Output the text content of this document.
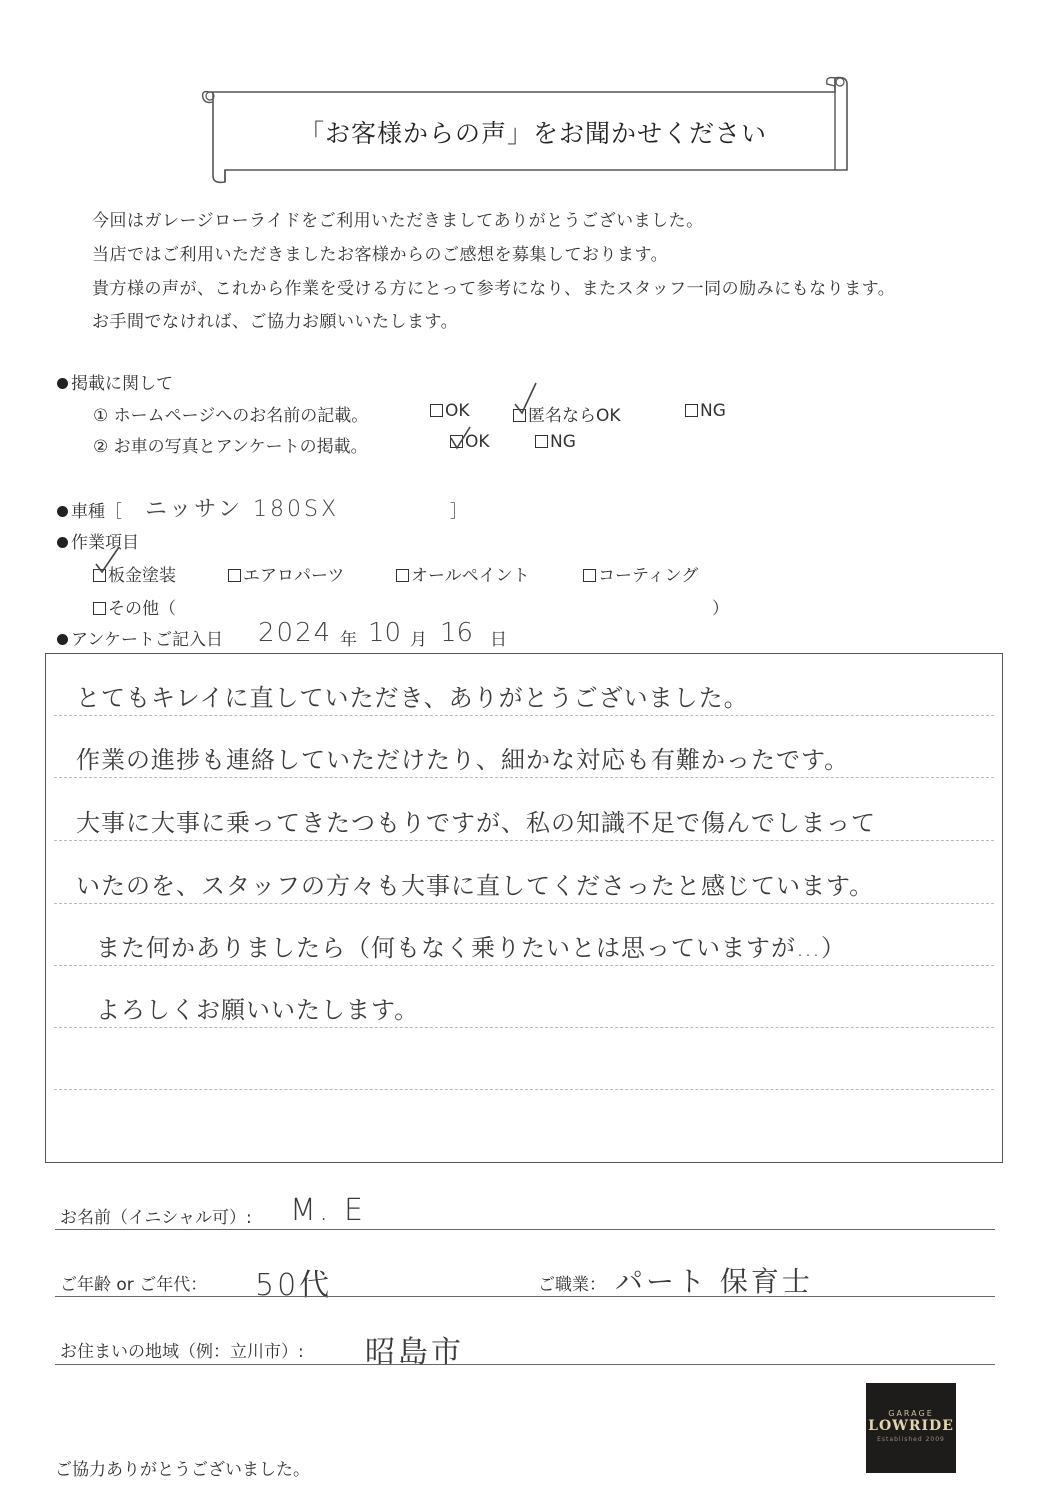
「お客様からの声」をお聞かせください
今回はガレージローライドをご利用いただきましてありがとうございました。
当店ではご利用いただきましたお客様からのご感想を募集しております。
貴方様の声が、これから作業を受ける方にとって参考になり、またスタッフ一同の励みにもなります。
お手間でなければ、ご協力お願いいたします。
掲載に関して
① ホームページへのお名前の記載。	OK	匿名ならOK	NG
② お車の写真とアンケートの掲載。	OK	NG
車種［ ニッサン 180SX	］
作業項目
板金塗装	エアロパーツ	オールペイント	コーティング
その他（	）
アンケートご記入日 2024 年 10 月 16 日
とてもキレイに直していただき、ありがとうございました。
作業の進捗も連絡していただけたり、細かな対応も有難かったです。
大事に大事に乗ってきたつもりですが、私の知識不足で傷んでしまって
いたのを、スタッフの方々も大事に直してくださったと感じています。
また何かありましたら（何もなく乗りたいとは思っていますが…）
よろしくお願いいたします。
お名前（イニシャル可）: M. E
ご年齢 or ご年代： 50代	ご職業： パート 保育士
お住まいの地域（例：立川市）: 昭島市
GARAGE
LOWRIDE
Established 2009
ご協力ありがとうございました。
